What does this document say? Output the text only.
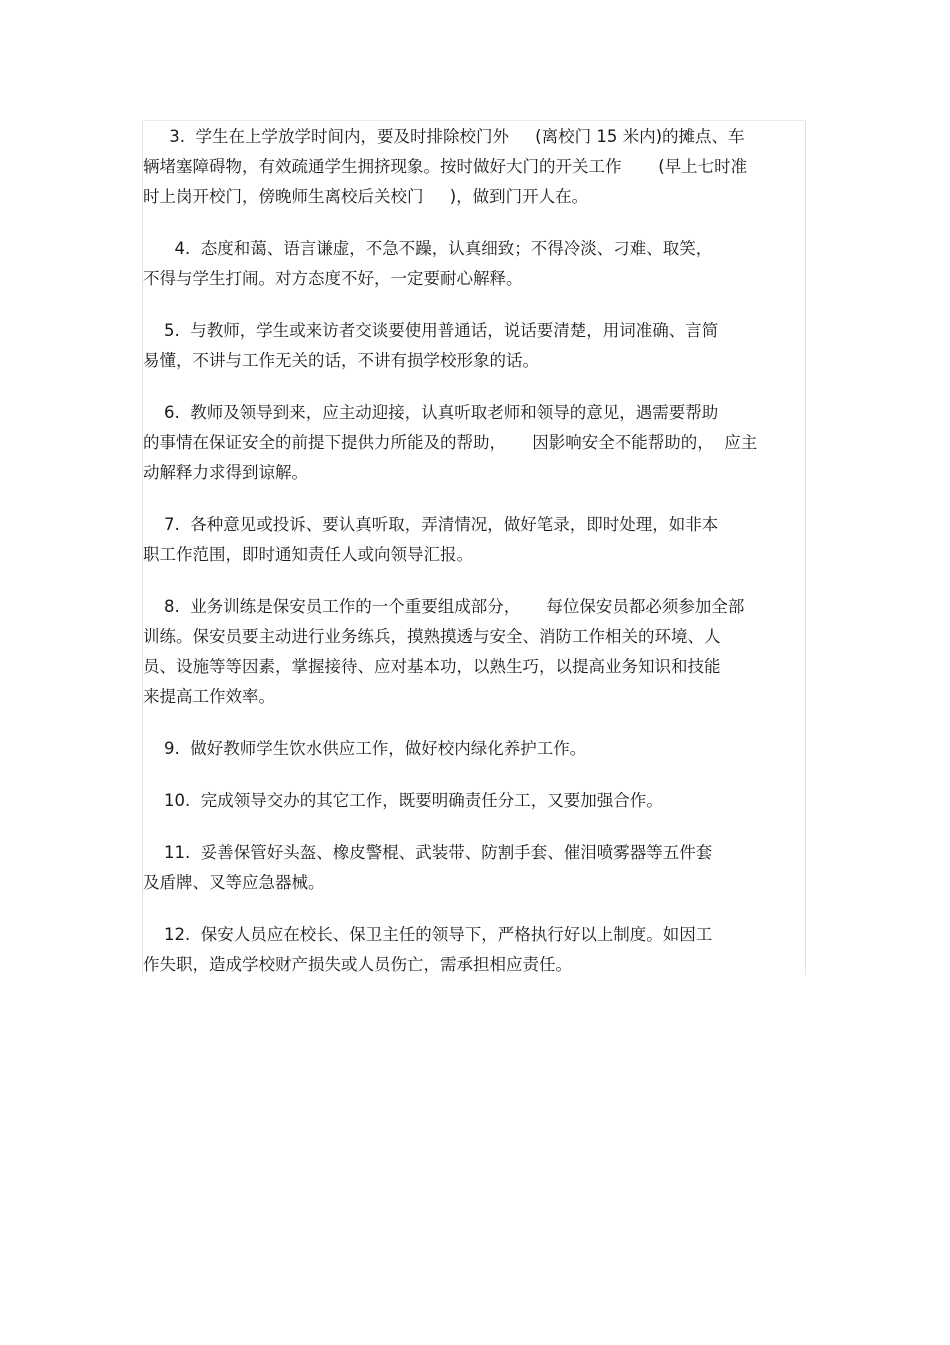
3.  学生在上学放学时间内，要及时排除校门外     (离校门 15 米内)的摊点、车
辆堵塞障碍物，有效疏通学生拥挤现象。按时做好大门的开关工作       (早上七时准
时上岗开校门，傍晚师生离校后关校门     )，做到门开人在。
4.  态度和蔼、语言谦虚，不急不躁，认真细致；不得冷淡、刁难、取笑，
不得与学生打闹。对方态度不好，一定要耐心解释。
5.  与教师，学生或来访者交谈要使用普通话，说话要清楚，用词准确、言简
易懂，不讲与工作无关的话，不讲有损学校形象的话。
6.  教师及领导到来，应主动迎接，认真听取老师和领导的意见，遇需要帮助
的事情在保证安全的前提下提供力所能及的帮助，     因影响安全不能帮助的，  应主
动解释力求得到谅解。
7.  各种意见或投诉、要认真听取，弄清情况，做好笔录，即时处理，如非本
职工作范围，即时通知责任人或向领导汇报。
8.  业务训练是保安员工作的一个重要组成部分，     每位保安员都必须参加全部
训练。保安员要主动进行业务练兵，摸熟摸透与安全、消防工作相关的环境、人
员、设施等等因素，掌握接待、应对基本功，以熟生巧，以提高业务知识和技能
来提高工作效率。
9.  做好教师学生饮水供应工作，做好校内绿化养护工作。
10.  完成领导交办的其它工作，既要明确责任分工，又要加强合作。
11.  妥善保管好头盔、橡皮警棍、武装带、防割手套、催泪喷雾器等五件套
及盾牌、叉等应急器械。
12.  保安人员应在校长、保卫主任的领导下，严格执行好以上制度。如因工
作失职，造成学校财产损失或人员伤亡，需承担相应责任。
